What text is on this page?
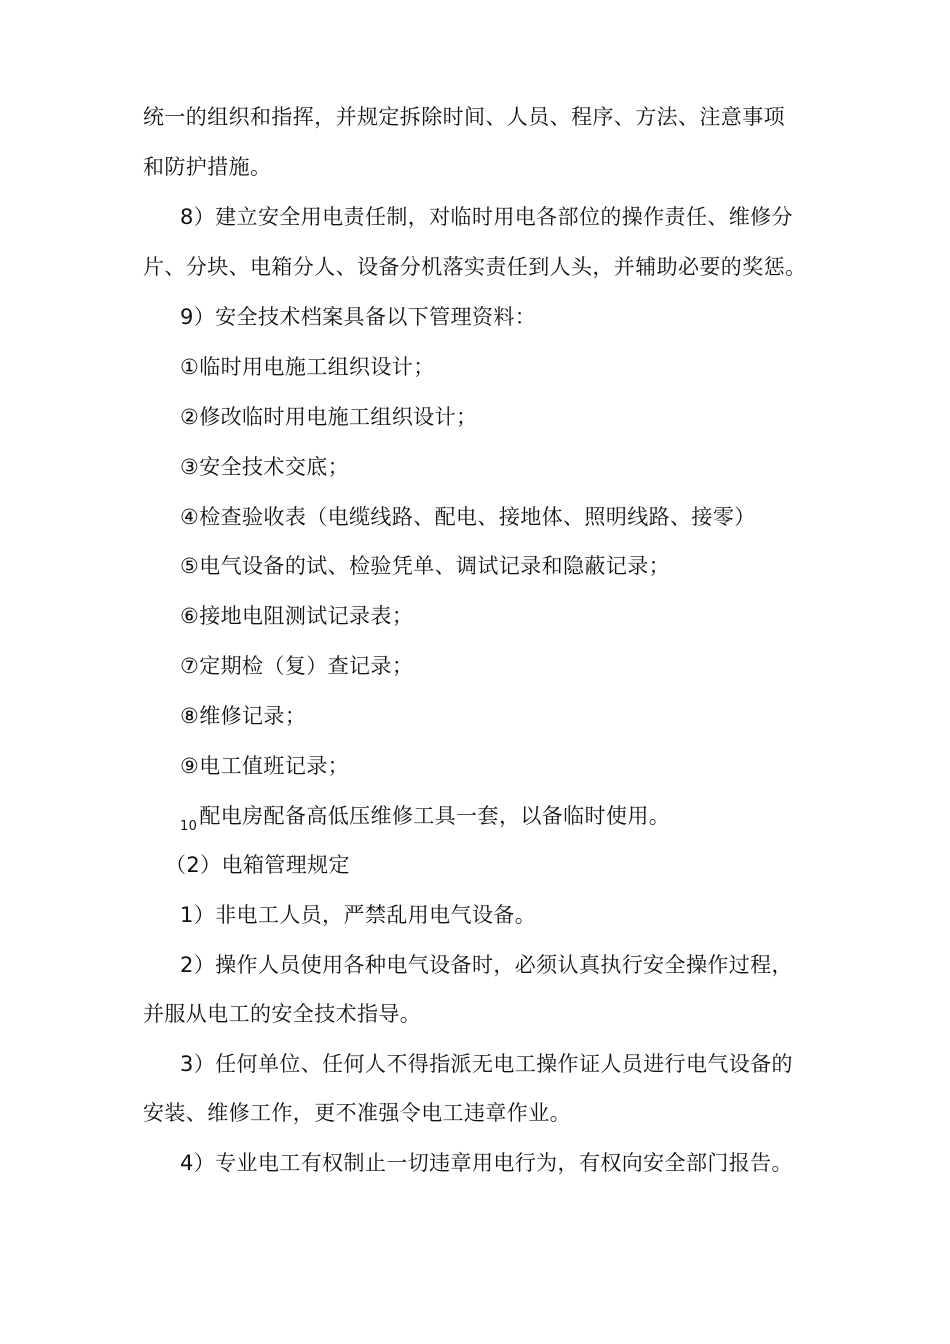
统一的组织和指挥，并规定拆除时间、人员、程序、方法、注意事项
和防护措施。
8）建立安全用电责任制，对临时用电各部位的操作责任、维修分
片、分块、电箱分人、设备分机落实责任到人头，并辅助必要的奖惩。
9）安全技术档案具备以下管理资料：
①临时用电施工组织设计；
②修改临时用电施工组织设计；
③安全技术交底；
④检查验收表（电缆线路、配电、接地体、照明线路、接零）
⑤电气设备的试、检验凭单、调试记录和隐蔽记录；
⑥接地电阻测试记录表；
⑦定期检（复）查记录；
⑧维修记录；
⑨电工值班记录；
$_{10}$配电房配备高低压维修工具一套，以备临时使用。
（2）电箱管理规定
1）非电工人员，严禁乱用电气设备。
2）操作人员使用各种电气设备时，必须认真执行安全操作过程，
并服从电工的安全技术指导。
3）任何单位、任何人不得指派无电工操作证人员进行电气设备的
安装、维修工作，更不准强令电工违章作业。
4）专业电工有权制止一切违章用电行为，有权向安全部门报告。
